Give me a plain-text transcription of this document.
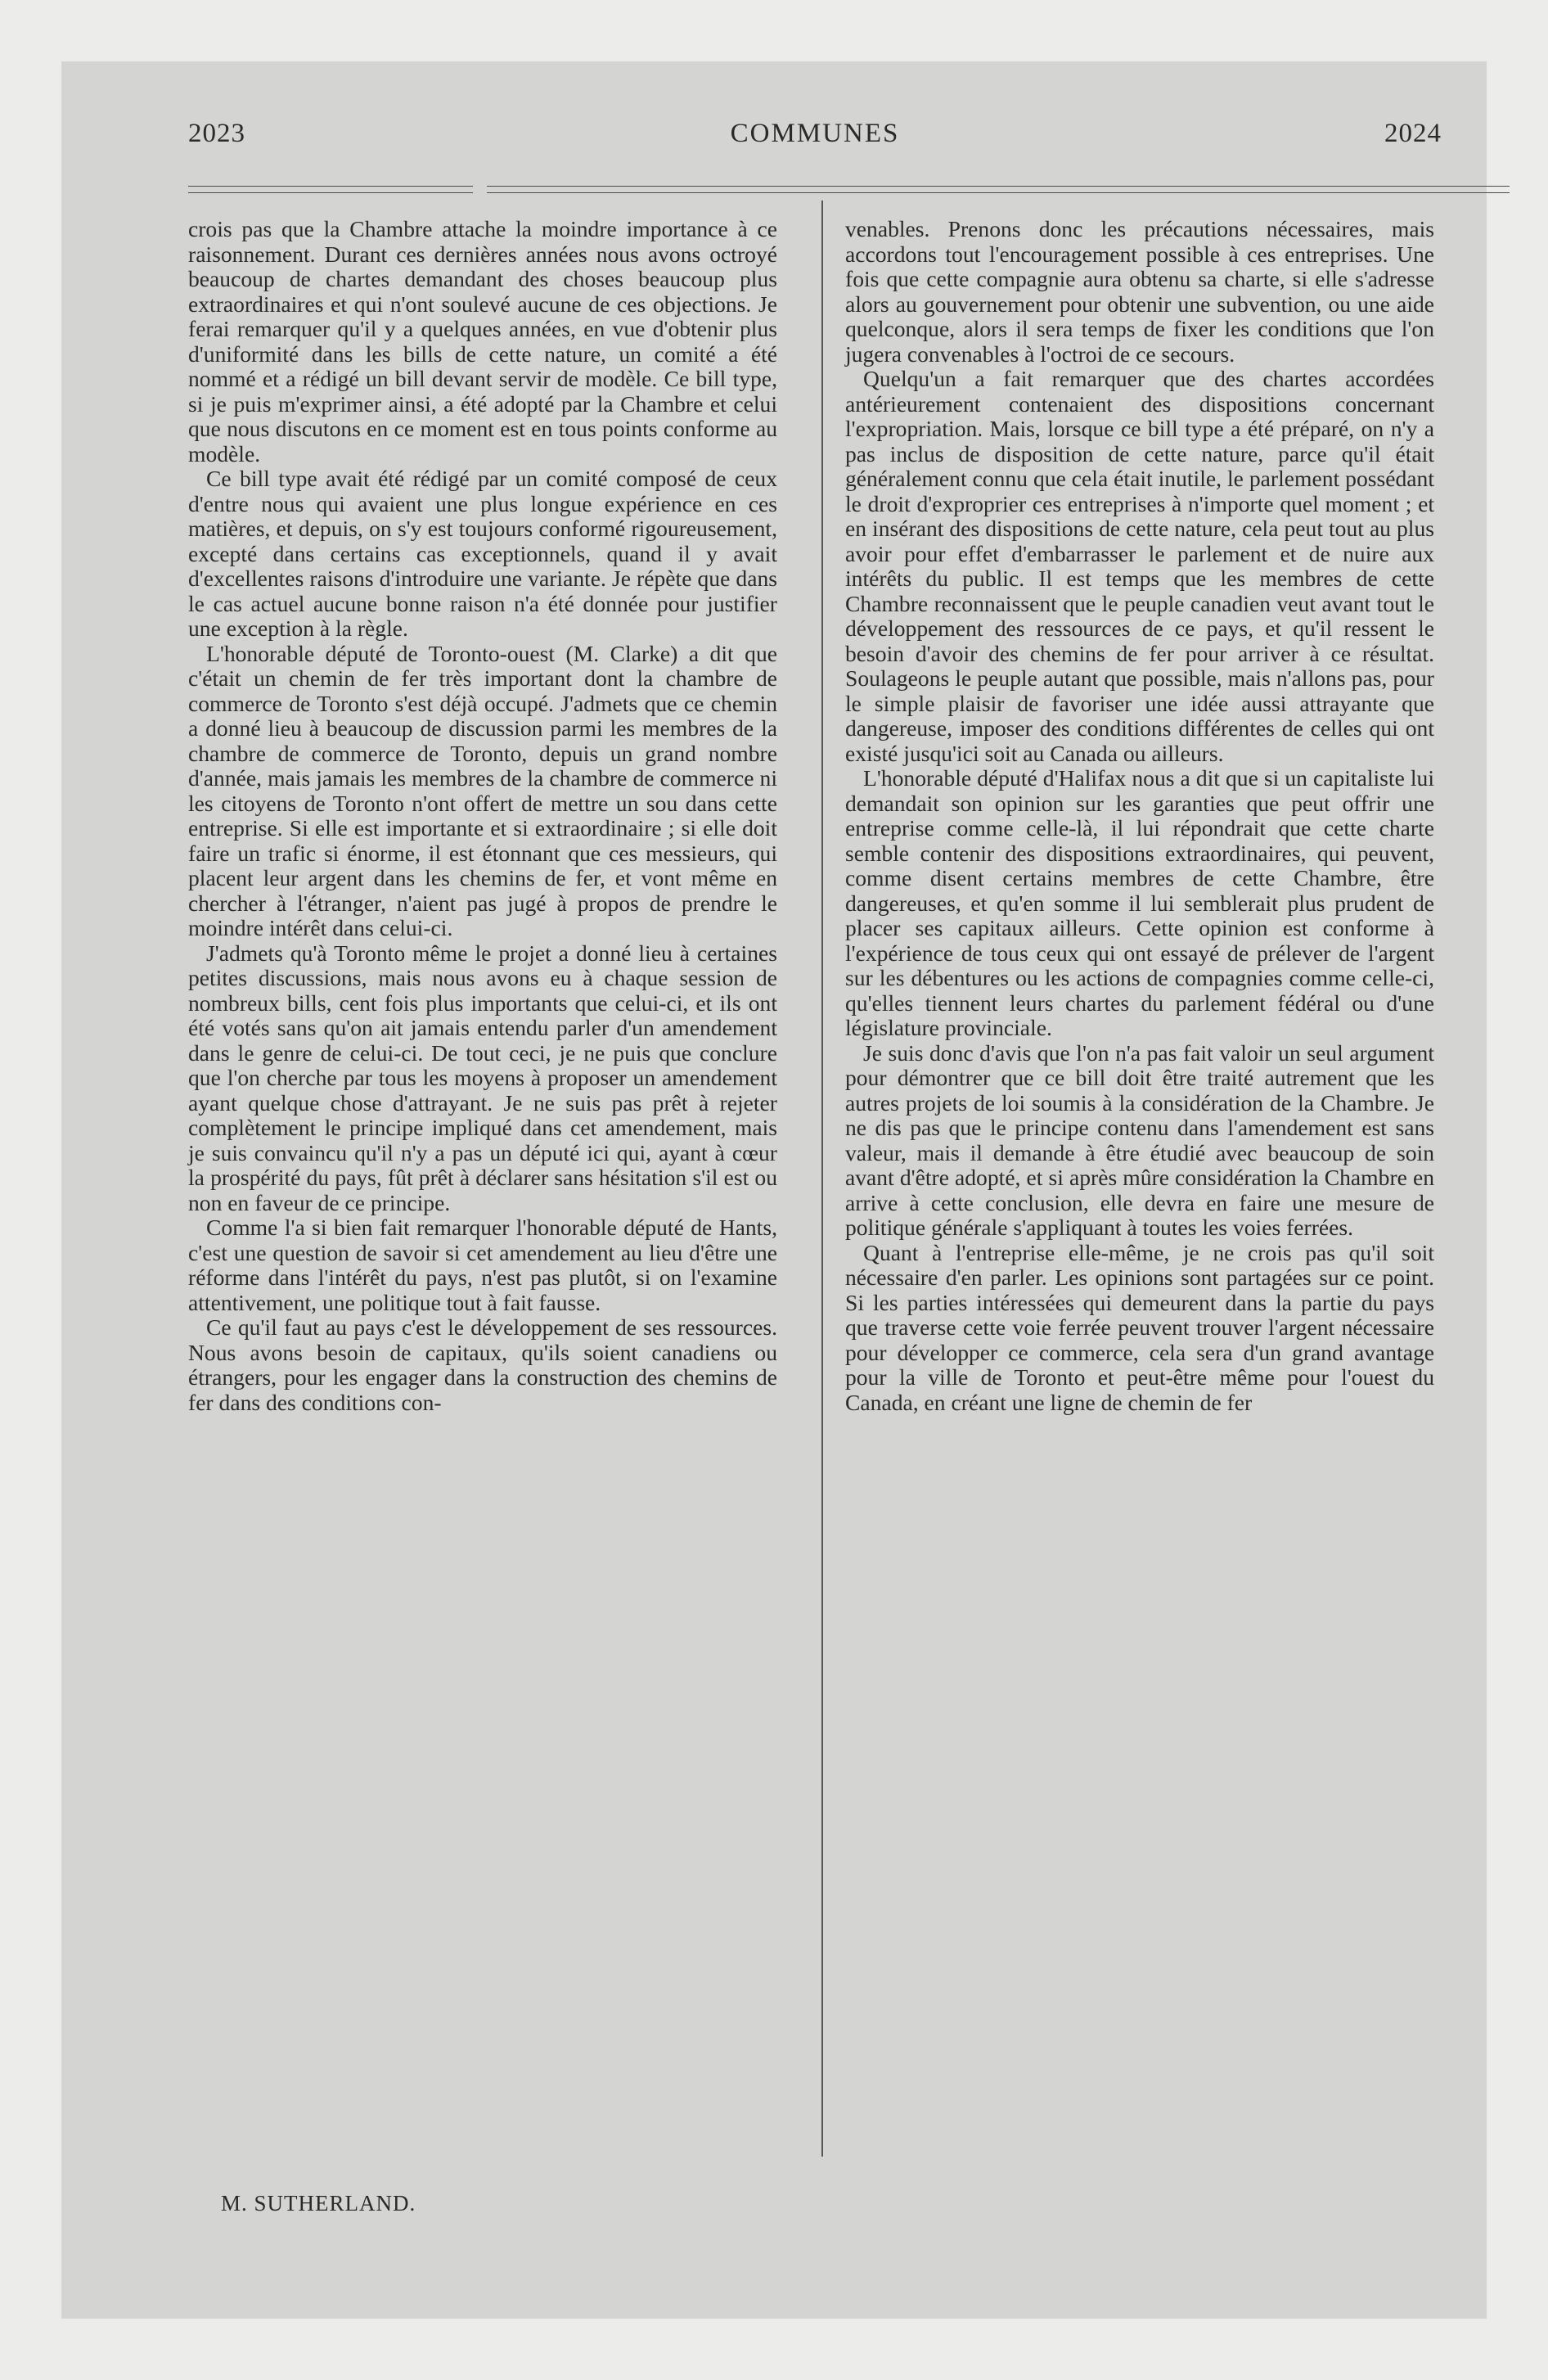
2023	COMMUNES	2024

crois pas que la Chambre attache la moindre importance à ce raisonnement. Durant ces dernières années nous avons octroyé beaucoup de chartes demandant des choses beaucoup plus extraordinaires et qui n'ont soulevé aucune de ces objections. Je ferai remarquer qu'il y a quelques années, en vue d'obtenir plus d'uniformité dans les bills de cette nature, un comité a été nommé et a rédigé un bill devant servir de modèle. Ce bill type, si je puis m'exprimer ainsi, a été adopté par la Chambre et celui que nous discutons en ce moment est en tous points conforme au modèle.

Ce bill type avait été rédigé par un comité composé de ceux d'entre nous qui avaient une plus longue expérience en ces matières, et depuis, on s'y est toujours conformé rigoureusement, excepté dans certains cas exceptionnels, quand il y avait d'excellentes raisons d'introduire une variante. Je répète que dans le cas actuel aucune bonne raison n'a été donnée pour justifier une exception à la règle.

L'honorable député de Toronto-ouest (M. Clarke) a dit que c'était un chemin de fer très important dont la chambre de commerce de Toronto s'est déjà occupé. J'admets que ce chemin a donné lieu à beaucoup de discussion parmi les membres de la chambre de commerce de Toronto, depuis un grand nombre d'année, mais jamais les membres de la chambre de commerce ni les citoyens de Toronto n'ont offert de mettre un sou dans cette entreprise. Si elle est importante et si extraordinaire ; si elle doit faire un trafic si énorme, il est étonnant que ces messieurs, qui placent leur argent dans les chemins de fer, et vont même en chercher à l'étranger, n'aient pas jugé à propos de prendre le moindre intérêt dans celui-ci.

J'admets qu'à Toronto même le projet a donné lieu à certaines petites discussions, mais nous avons eu à chaque session de nombreux bills, cent fois plus importants que celui-ci, et ils ont été votés sans qu'on ait jamais entendu parler d'un amendement dans le genre de celui-ci. De tout ceci, je ne puis que conclure que l'on cherche par tous les moyens à proposer un amendement ayant quelque chose d'attrayant. Je ne suis pas prêt à rejeter complètement le principe impliqué dans cet amendement, mais je suis convaincu qu'il n'y a pas un député ici qui, ayant à cœur la prospérité du pays, fût prêt à déclarer sans hésitation s'il est ou non en faveur de ce principe.

Comme l'a si bien fait remarquer l'honorable député de Hants, c'est une question de savoir si cet amendement au lieu d'être une réforme dans l'intérêt du pays, n'est pas plutôt, si on l'examine attentivement, une politique tout à fait fausse.

Ce qu'il faut au pays c'est le développement de ses ressources. Nous avons besoin de capitaux, qu'ils soient canadiens ou étrangers, pour les engager dans la construction des chemins de fer dans des conditions con-

venables. Prenons donc les précautions nécessaires, mais accordons tout l'encouragement possible à ces entreprises. Une fois que cette compagnie aura obtenu sa charte, si elle s'adresse alors au gouvernement pour obtenir une subvention, ou une aide quelconque, alors il sera temps de fixer les conditions que l'on jugera convenables à l'octroi de ce secours.

Quelqu'un a fait remarquer que des chartes accordées antérieurement contenaient des dispositions concernant l'expropriation. Mais, lorsque ce bill type a été préparé, on n'y a pas inclus de disposition de cette nature, parce qu'il était généralement connu que cela était inutile, le parlement possédant le droit d'exproprier ces entreprises à n'importe quel moment ; et en insérant des dispositions de cette nature, cela peut tout au plus avoir pour effet d'embarrasser le parlement et de nuire aux intérêts du public. Il est temps que les membres de cette Chambre reconnaissent que le peuple canadien veut avant tout le développement des ressources de ce pays, et qu'il ressent le besoin d'avoir des chemins de fer pour arriver à ce résultat. Soulageons le peuple autant que possible, mais n'allons pas, pour le simple plaisir de favoriser une idée aussi attrayante que dangereuse, imposer des conditions différentes de celles qui ont existé jusqu'ici soit au Canada ou ailleurs.

L'honorable député d'Halifax nous a dit que si un capitaliste lui demandait son opinion sur les garanties que peut offrir une entreprise comme celle-là, il lui répondrait que cette charte semble contenir des dispositions extraordinaires, qui peuvent, comme disent certains membres de cette Chambre, être dangereuses, et qu'en somme il lui semblerait plus prudent de placer ses capitaux ailleurs. Cette opinion est conforme à l'expérience de tous ceux qui ont essayé de prélever de l'argent sur les débentures ou les actions de compagnies comme celle-ci, qu'elles tiennent leurs chartes du parlement fédéral ou d'une législature provinciale.

Je suis donc d'avis que l'on n'a pas fait valoir un seul argument pour démontrer que ce bill doit être traité autrement que les autres projets de loi soumis à la considération de la Chambre. Je ne dis pas que le principe contenu dans l'amendement est sans valeur, mais il demande à être étudié avec beaucoup de soin avant d'être adopté, et si après mûre considération la Chambre en arrive à cette conclusion, elle devra en faire une mesure de politique générale s'appliquant à toutes les voies ferrées.

Quant à l'entreprise elle-même, je ne crois pas qu'il soit nécessaire d'en parler. Les opinions sont partagées sur ce point. Si les parties intéressées qui demeurent dans la partie du pays que traverse cette voie ferrée peuvent trouver l'argent nécessaire pour développer ce commerce, cela sera d'un grand avantage pour la ville de Toronto et peut-être même pour l'ouest du Canada, en créant une ligne de chemin de fer

M. SUTHERLAND.
